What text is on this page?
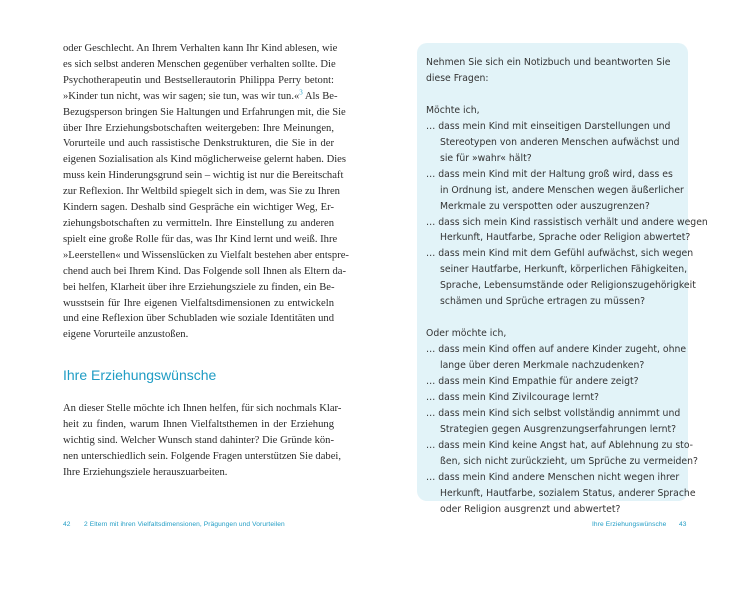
oder Geschlecht. An Ihrem Verhalten kann Ihr Kind ablesen, wie
es sich selbst anderen Menschen gegenüber verhalten sollte. Die
Psychotherapeutin und Bestsellerautorin Philippa Perry betont:
»Kinder tun nicht, was wir sagen; sie tun, was wir tun.«$^3$ Als Be-
Bezugsperson bringen Sie Haltungen und Erfahrungen mit, die Sie
über Ihre Erziehungsbotschaften weitergeben: Ihre Meinungen,
Vorurteile und auch rassistische Denkstrukturen, die Sie in der
eigenen Sozialisation als Kind möglicherweise gelernt haben. Dies
muss kein Hinderungsgrund sein – wichtig ist nur die Bereitschaft
zur Reflexion. Ihr Weltbild spiegelt sich in dem, was Sie zu Ihren
Kindern sagen. Deshalb sind Gespräche ein wichtiger Weg, Er-
ziehungsbotschaften zu vermitteln. Ihre Einstellung zu anderen
spielt eine große Rolle für das, was Ihr Kind lernt und weiß. Ihre
»Leerstellen« und Wissenslücken zu Vielfalt bestehen aber entspre-
chend auch bei Ihrem Kind. Das Folgende soll Ihnen als Eltern da-
bei helfen, Klarheit über ihre Erziehungsziele zu finden, ein Be-
wusstsein für Ihre eigenen Vielfaltsdimensionen zu entwickeln
und eine Reflexion über Schubladen wie soziale Identitäten und
eigene Vorurteile anzustoßen.
Ihre Erziehungswünsche
An dieser Stelle möchte ich Ihnen helfen, für sich nochmals Klar-
heit zu finden, warum Ihnen Vielfaltsthemen in der Erziehung
wichtig sind. Welcher Wunsch stand dahinter? Die Gründe kön-
nen unterschiedlich sein. Folgende Fragen unterstützen Sie dabei,
Ihre Erziehungsziele herauszuarbeiten.
Nehmen Sie sich ein Notizbuch und beantworten Sie
diese Fragen:
Möchte ich,
… dass mein Kind mit einseitigen Darstellungen und
Stereotypen von anderen Menschen aufwächst und
sie für »wahr« hält?
… dass mein Kind mit der Haltung groß wird, dass es
in Ordnung ist, andere Menschen wegen äußerlicher
Merkmale zu verspotten oder auszugrenzen?
… dass sich mein Kind rassistisch verhält und andere wegen
Herkunft, Hautfarbe, Sprache oder Religion abwertet?
… dass mein Kind mit dem Gefühl aufwächst, sich wegen
seiner Hautfarbe, Herkunft, körperlichen Fähigkeiten,
Sprache, Lebensumstände oder Religionszugehörigkeit
schämen und Sprüche ertragen zu müssen?
Oder möchte ich,
… dass mein Kind offen auf andere Kinder zugeht, ohne
lange über deren Merkmale nachzudenken?
… dass mein Kind Empathie für andere zeigt?
… dass mein Kind Zivilcourage lernt?
… dass mein Kind sich selbst vollständig annimmt und
Strategien gegen Ausgrenzungserfahrungen lernt?
… dass mein Kind keine Angst hat, auf Ablehnung zu sto-
ßen, sich nicht zurückzieht, um Sprüche zu vermeiden?
… dass mein Kind andere Menschen nicht wegen ihrer
Herkunft, Hautfarbe, sozialem Status, anderer Sprache
oder Religion ausgrenzt und abwertet?
42 2 Eltern mit ihren Vielfaltsdimensionen, Prägungen und Vorurteilen	Ihre Erziehungswünsche 43
